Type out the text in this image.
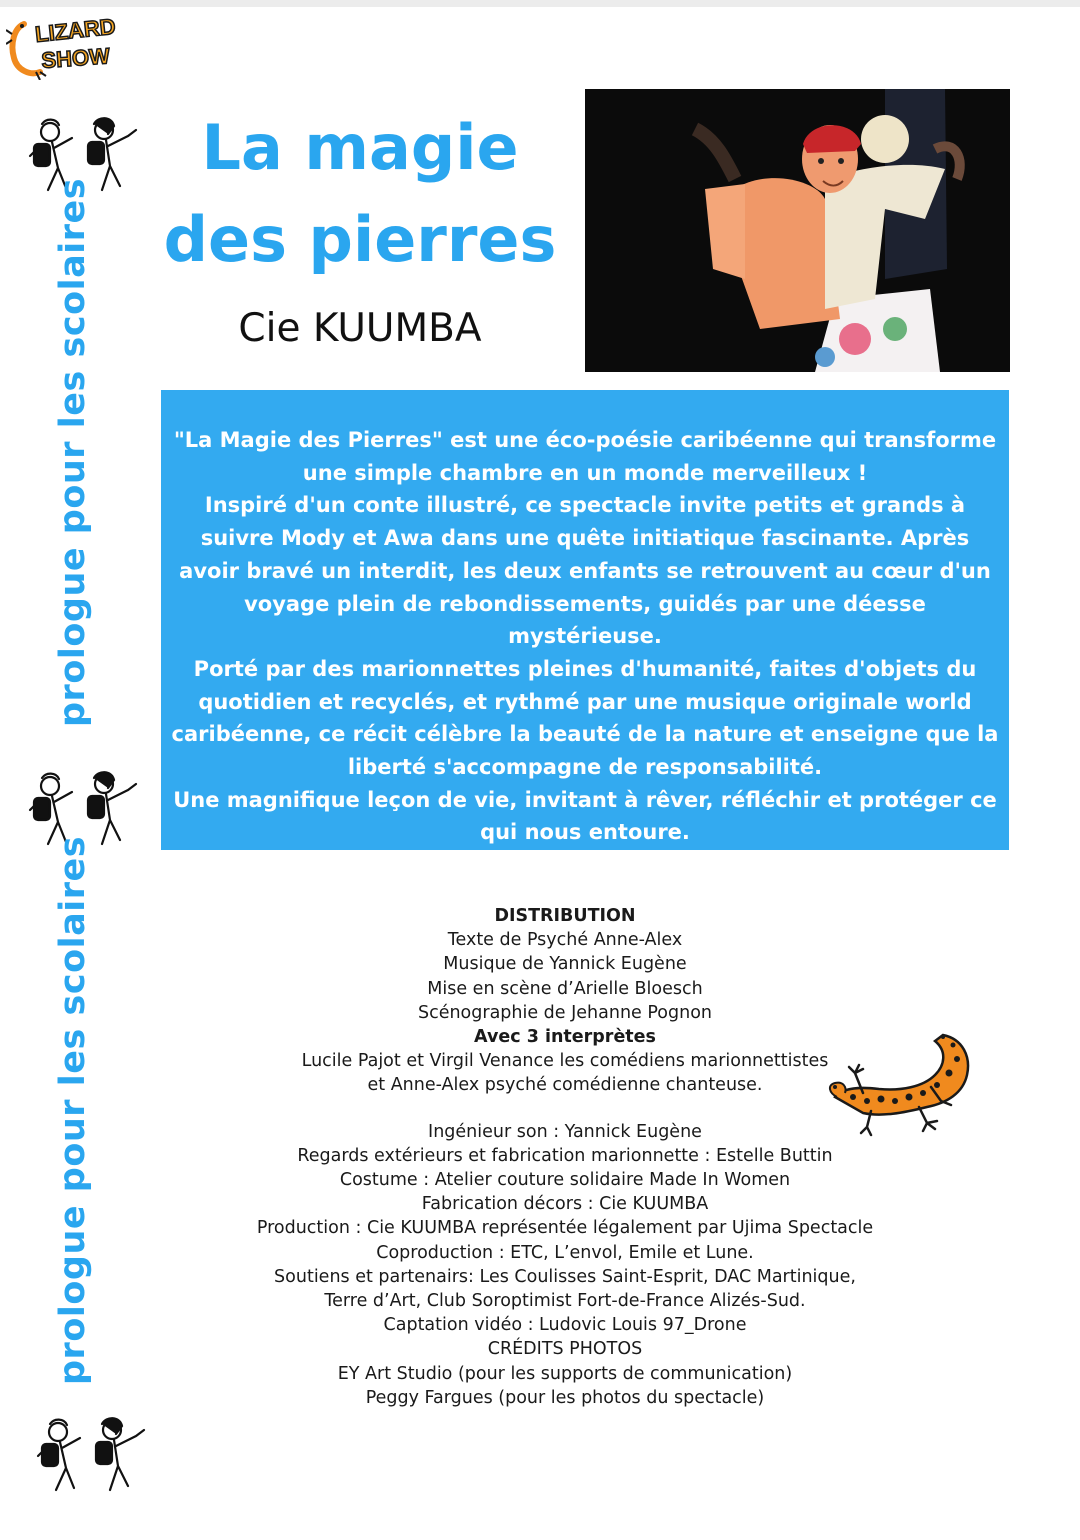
LIZARD
SHOW
prologue pour les scolaires
prologue pour les scolaires
La magie
des pierres
Cie KUUMBA

"La Magie des Pierres" est une éco-poésie caribéenne qui transforme une simple chambre en un monde merveilleux !

Inspiré d'un conte illustré, ce spectacle invite petits et grands à suivre Mody et Awa dans une quête initiatique fascinante. Après avoir bravé un interdit, les deux enfants se retrouvent au cœur d'un voyage plein de rebondissements, guidés par une déesse mystérieuse.

Porté par des marionnettes pleines d'humanité, faites d'objets du quotidien et recyclés, et rythmé par une musique originale world caribéenne, ce récit célèbre la beauté de la nature et enseigne que la liberté s'accompagne de responsabilité.

Une magnifique leçon de vie, invitant à rêver, réfléchir et protéger ce qui nous entoure.

DISTRIBUTION
Texte de Psyché Anne-Alex
Musique de Yannick Eugène
Mise en scène d’Arielle Bloesch
Scénographie de Jehanne Pognon
Avec 3 interprètes
Lucile Pajot et Virgil Venance les comédiens marionnettistes
et Anne-Alex psyché comédienne chanteuse.
Ingénieur son : Yannick Eugène
Regards extérieurs et fabrication marionnette : Estelle Buttin
Costume : Atelier couture solidaire Made In Women
Fabrication décors : Cie KUUMBA
Production : Cie KUUMBA représentée légalement par Ujima Spectacle
Coproduction : ETC, L’envol, Emile et Lune.
Soutiens et partenairs: Les Coulisses Saint-Esprit, DAC Martinique,
Terre d’Art, Club Soroptimist Fort-de-France Alizés-Sud.
Captation vidéo : Ludovic Louis 97_Drone
CRÉDITS PHOTOS
EY Art Studio (pour les supports de communication)
Peggy Fargues (pour les photos du spectacle)
